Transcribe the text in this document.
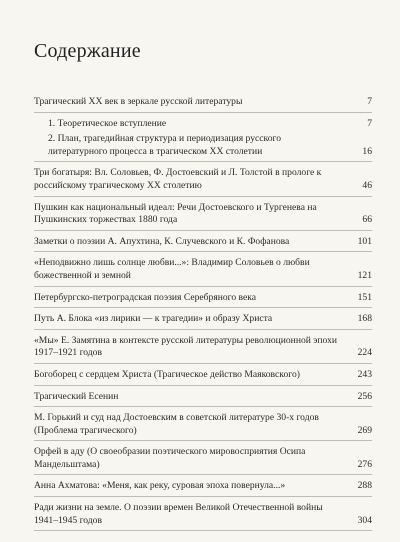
Содержание
Трагический XX век в зеркале русской литературы	7
1. Теоретическое вступление	7
2. План, трагедийная структура и периодизация русского литературного процесса в трагическом XX столетии	16
Три богатыря: Вл. Соловьев, Ф. Достоевский и Л. Толстой в прологе к российскому трагическому XX столетию	46
Пушкин как национальный идеал: Речи Достоевского и Тургенева на Пушкинских торжествах 1880 года	66
Заметки о поэзии А. Апухтина, К. Случевского и К. Фофанова	101
«Неподвижно лишь солнце любви...»: Владимир Соловьев о любви божественной и земной	121
Петербургско-петроградская поэзия Серебряного века	151
Путь А. Блока «из лирики — к трагедии» и образу Христа	168
«Мы» Е. Замятина в контексте русской литературы революционной эпохи 1917–1921 годов	224
Богоборец с сердцем Христа (Трагическое действо Маяковского)	243
Трагический Есенин	256
М. Горький и суд над Достоевским в советской литературе 30-х годов (Проблема трагического)	269
Орфей в аду (О своеобразии поэтического мировосприятия Осипа Мандельштама)	276
Анна Ахматова: «Меня, как реку, суровая эпоха повернула...»	288
Ради жизни на земле. О поэзии времен Великой Отечественной войны 1941–1945 годов	304
